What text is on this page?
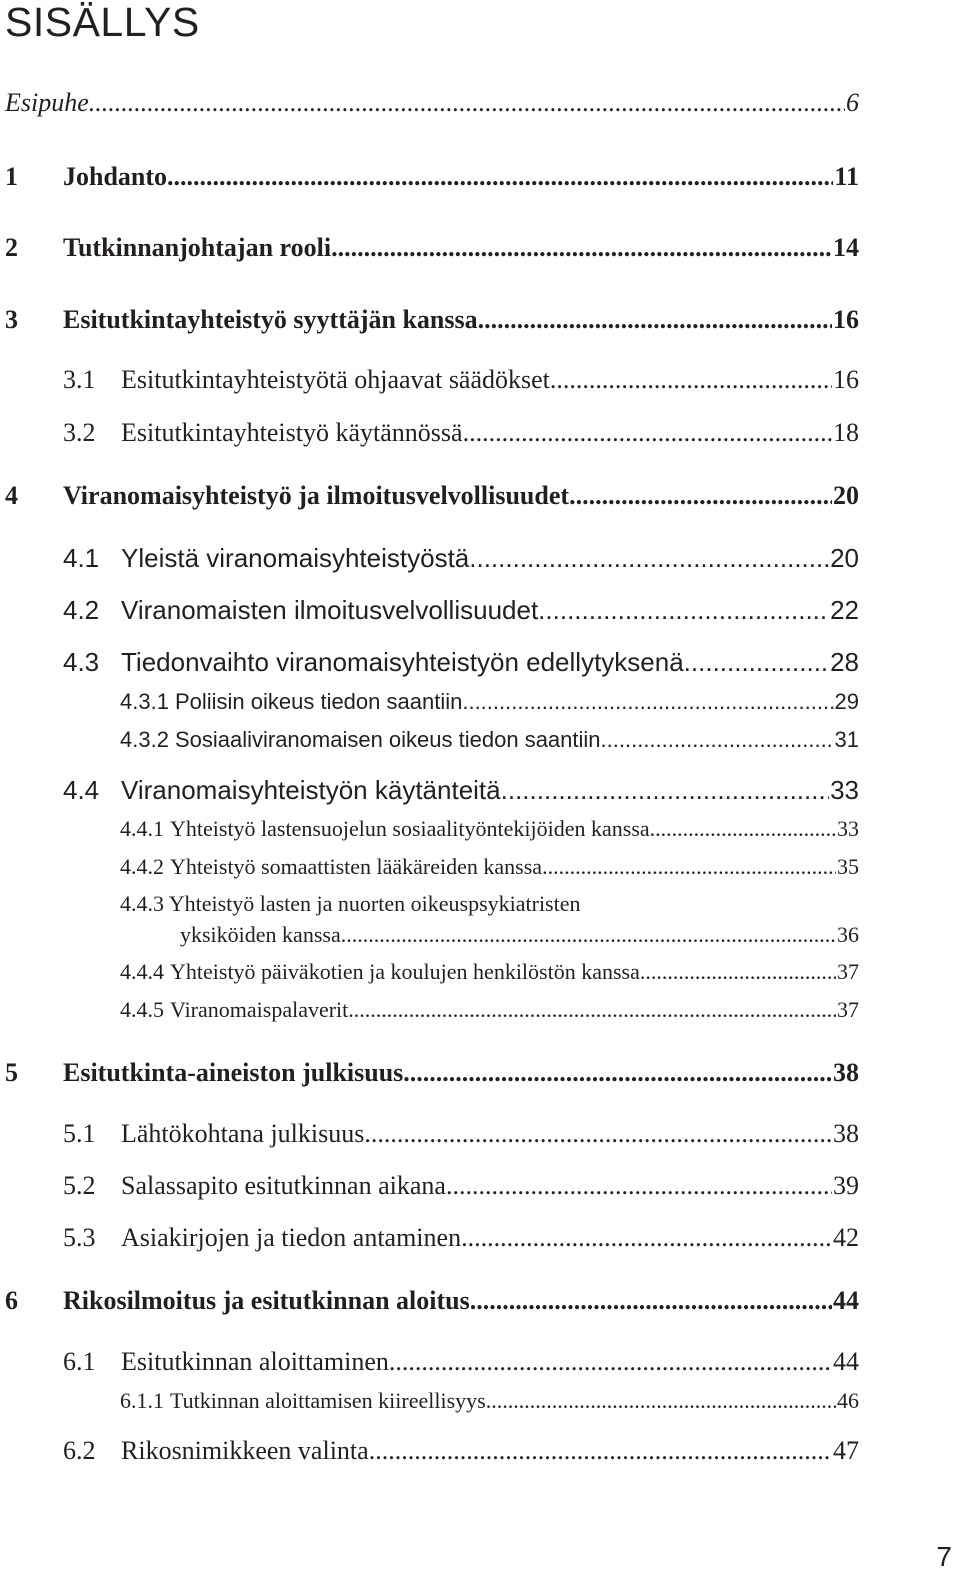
SISÄLLYS
Esipuhe .....	6
1	Johdanto .....	11
2	Tutkinnanjohtajan rooli .....	14
3	Esitutkintayhteistyö syyttäjän kanssa .....	16
3.1 Esitutkintayhteistyötä ohjaavat säädökset .....	16
3.2 Esitutkintayhteistyö käytännössä .....	18
4	Viranomaisyhteistyö ja ilmoitusvelvollisuudet .....	20
4.1 Yleistä viranomaisyhteistyöstä .....	20
4.2 Viranomaisten ilmoitusvelvollisuudet .....	22
4.3 Tiedonvaihto viranomaisyhteistyön edellytyksenä .....	28
4.3.1 Poliisin oikeus tiedon saantiin .....	29
4.3.2 Sosiaaliviranomaisen oikeus tiedon saantiin .....	31
4.4 Viranomaisyhteistyön käytänteitä .....	33
4.4.1 Yhteistyö lastensuojelun sosiaalityöntekijöiden kanssa .....	33
4.4.2 Yhteistyö somaattisten lääkäreiden kanssa .....	35
4.4.3 Yhteistyö lasten ja nuorten oikeuspsykiatristen
yksiköiden kanssa .....	36
4.4.4 Yhteistyö päiväkotien ja koulujen henkilöstön kanssa .....	37
4.4.5 Viranomaispalaverit .....	37
5	Esitutkinta-aineiston julkisuus .....	38
5.1 Lähtökohtana julkisuus .....	38
5.2 Salassapito esitutkinnan aikana .....	39
5.3 Asiakirjojen ja tiedon antaminen .....	42
6	Rikosilmoitus ja esitutkinnan aloitus .....	44
6.1 Esitutkinnan aloittaminen .....	44
6.1.1 Tutkinnan aloittamisen kiireellisyys .....	46
6.2 Rikosnimikkeen valinta .....	47
7
